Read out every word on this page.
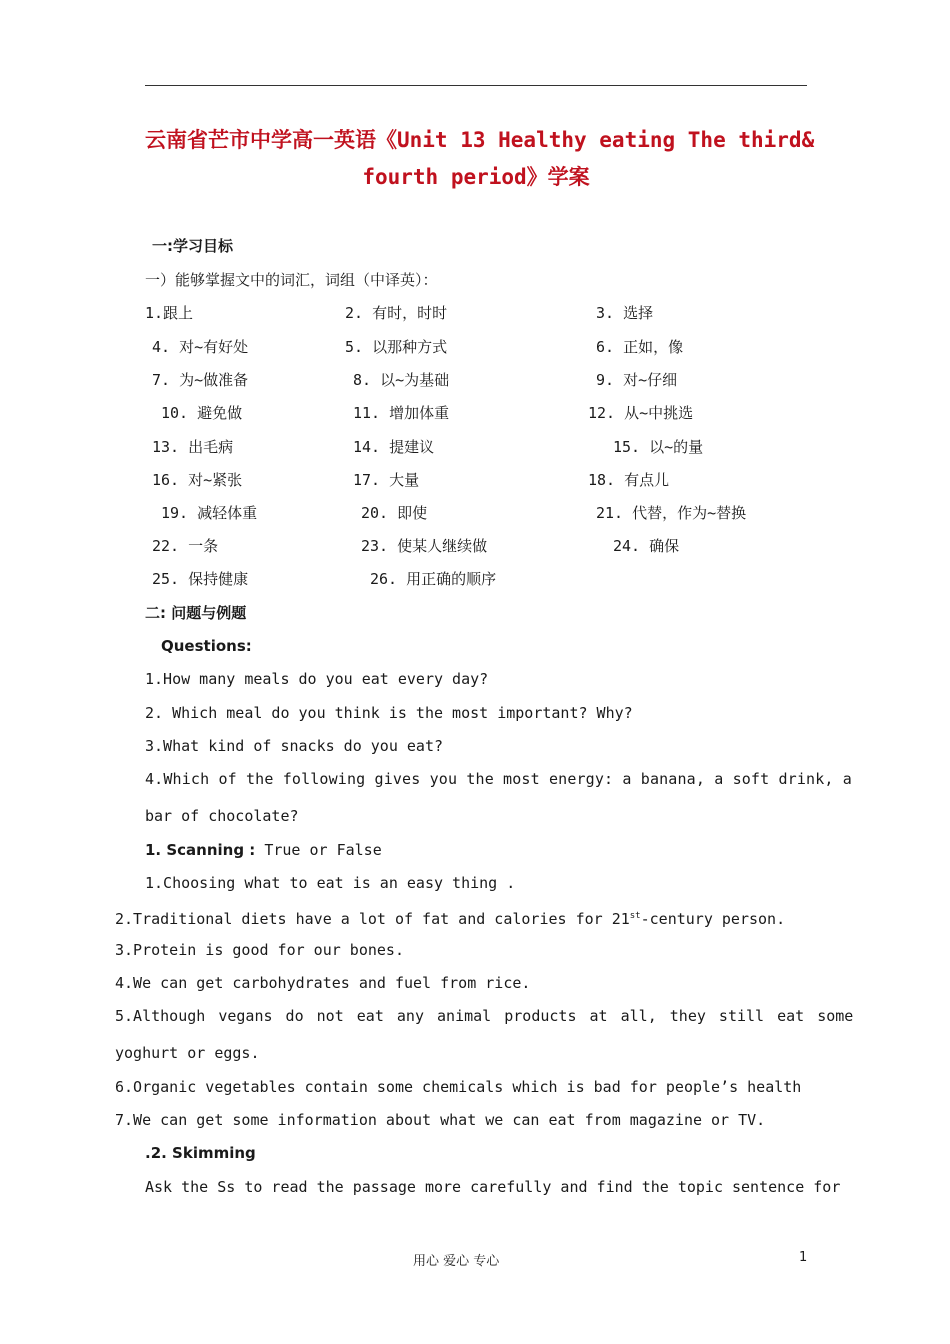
云南省芒市中学高一英语《Unit 13 Healthy eating The third&
fourth period》学案
一:学习目标
一）能够掌握文中的词汇，词组（中译英）：
1.跟上	2. 有时，时时	3. 选择
4. 对~有好处	5. 以那种方式	6. 正如，像
7. 为~做准备	8. 以~为基础	9. 对~仔细
10. 避免做	11. 增加体重	12. 从~中挑选
13. 出毛病	14. 提建议	15. 以~的量
16. 对~紧张	17. 大量	18. 有点儿
19. 减轻体重	20. 即使	21. 代替，作为~替换
22. 一条	23. 使某人继续做	24. 确保
25. 保持健康	26. 用正确的顺序
二: 问题与例题
Questions:
1.How many meals do you eat every day?
2. Which meal do you think is the most important? Why?
3.What kind of snacks do you eat?
4.Which of the following gives you the most energy: a banana, a soft drink, a
bar of chocolate?
1. Scanning : True or False
1.Choosing what to eat is an easy thing .
2.Traditional diets have a lot of fat and calories for 21st-century person.
3.Protein is good for our bones.
4.We can get carbohydrates and fuel from rice.
5.Although vegans do not eat any animal products at all, they still eat some
yoghurt or eggs.
6.Organic vegetables contain some chemicals which is bad for people’s health
7.We can get some information about what we can eat from magazine or TV.
.2. Skimming
Ask the Ss to read the passage more carefully and find the topic sentence for
用心 爱心 专心	1
